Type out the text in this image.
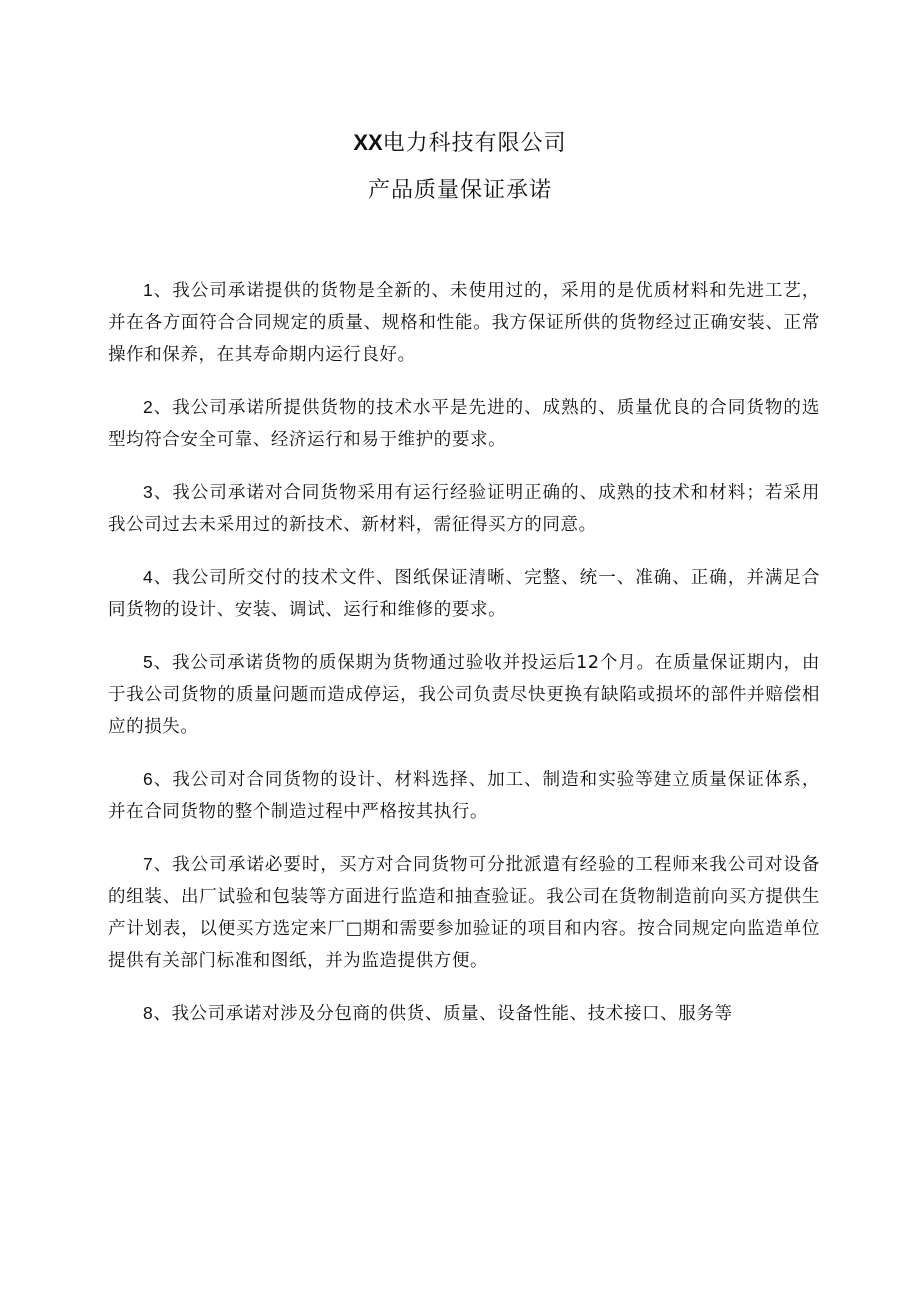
XX电力科技有限公司
产品质量保证承诺

1、我公司承诺提供的货物是全新的、未使用过的，采用的是优质材料和先进工艺，并在各方面符合合同规定的质量、规格和性能。我方保证所供的货物经过正确安装、正常操作和保养，在其寿命期内运行良好。

2、我公司承诺所提供货物的技术水平是先进的、成熟的、质量优良的合同货物的选型均符合安全可靠、经济运行和易于维护的要求。

3、我公司承诺对合同货物采用有运行经验证明正确的、成熟的技术和材料；若采用我公司过去未采用过的新技术、新材料，需征得买方的同意。

4、我公司所交付的技术文件、图纸保证清晰、完整、统一、准确、正确，并满足合同货物的设计、安装、调试、运行和维修的要求。

5、我公司承诺货物的质保期为货物通过验收并投运后12个月。在质量保证期内，由于我公司货物的质量问题而造成停运，我公司负责尽快更换有缺陷或损坏的部件并赔偿相应的损失。

6、我公司对合同货物的设计、材料选择、加工、制造和实验等建立质量保证体系，并在合同货物的整个制造过程中严格按其执行。

7、我公司承诺必要时，买方对合同货物可分批派遣有经验的工程师来我公司对设备的组装、出厂试验和包装等方面进行监造和抽查验证。我公司在货物制造前向买方提供生产计划表，以便买方选定来厂□期和需要参加验证的项目和内容。按合同规定向监造单位提供有关部门标准和图纸，并为监造提供方便。

8、我公司承诺对涉及分包商的供货、质量、设备性能、技术接口、服务等
